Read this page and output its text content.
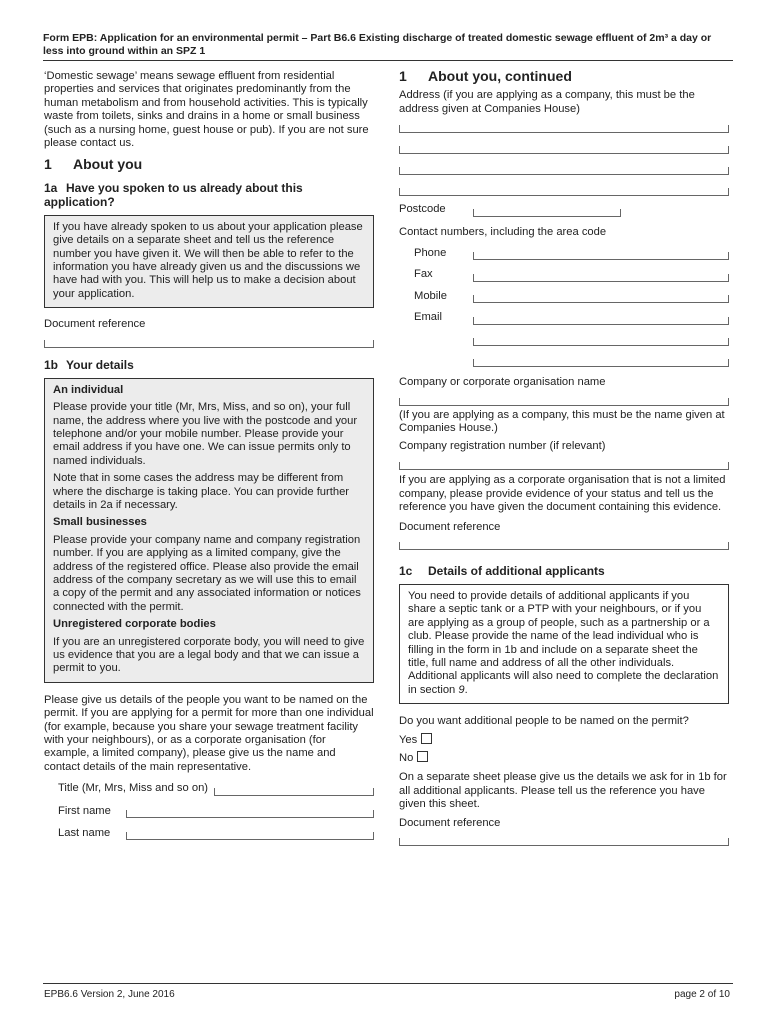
Form EPB: Application for an environmental permit – Part B6.6 Existing discharge of treated domestic sewage effluent of 2m³ a day or less into ground within an SPZ 1

‘Domestic sewage’ means sewage effluent from residential properties and services that originates predominantly from the human metabolism and from household activities. This is typically waste from toilets, sinks and drains in a home or small business (such as a nursing home, guest house or pub). If you are not sure please contact us.

1	About you
1a Have you spoken to us already about this application?
If you have already spoken to us about your application please give details on a separate sheet and tell us the reference number you have given it. We will then be able to refer to the information you have already given us and the discussions we have had with you. This will help us to make a decision about your application.
Document reference
1b Your details
An individual

Please provide your title (Mr, Mrs, Miss, and so on), your full name, the address where you live with the postcode and your telephone and/or your mobile number. Please provide your email address if you have one. We can issue permits only to named individuals.

Note that in some cases the address may be different from where the discharge is taking place. You can provide further details in 2a if necessary.

Small businesses

Please provide your company name and company registration number. If you are applying as a limited company, give the address of the registered office. Please also provide the email address of the company secretary as we will use this to email a copy of the permit and any associated information or notices connected with the permit.

Unregistered corporate bodies
If you are an unregistered corporate body, you will need to give us evidence that you are a legal body and that we can issue a permit to you.

Please give us details of the people you want to be named on the permit. If you are applying for a permit for more than one individual (for example, because you share your sewage treatment facility with your neighbours), or as a corporate organisation (for example, a limited company), please give us the name and contact details of the main representative.

Title (Mr, Mrs, Miss and so on)
First name
Last name
1	About you, continued
Address (if you are applying as a company, this must be the address given at Companies House)
Postcode
Contact numbers, including the area code
Phone
Fax
Mobile
Email
Company or corporate organisation name
(If you are applying as a company, this must be the name given at Companies House.)
Company registration number (if relevant)

If you are applying as a corporate organisation that is not a limited company, please provide evidence of your status and tell us the reference you have given the document containing this evidence.

Document reference
1c Details of additional applicants
You need to provide details of additional applicants if you share a septic tank or a PTP with your neighbours, or if you are applying as a group of people, such as a partnership or a club. Please provide the name of the lead individual who is filling in the form in 1b and include on a separate sheet the title, full name and address of all the other individuals. Additional applicants will also need to complete the declaration in section 9.
Do you want additional people to be named on the permit?
Yes
No

On a separate sheet please give us the details we ask for in 1b for all additional applicants. Please tell us the reference you have given this sheet.

Document reference
EPB6.6 Version 2, June 2016	page 2 of 10
